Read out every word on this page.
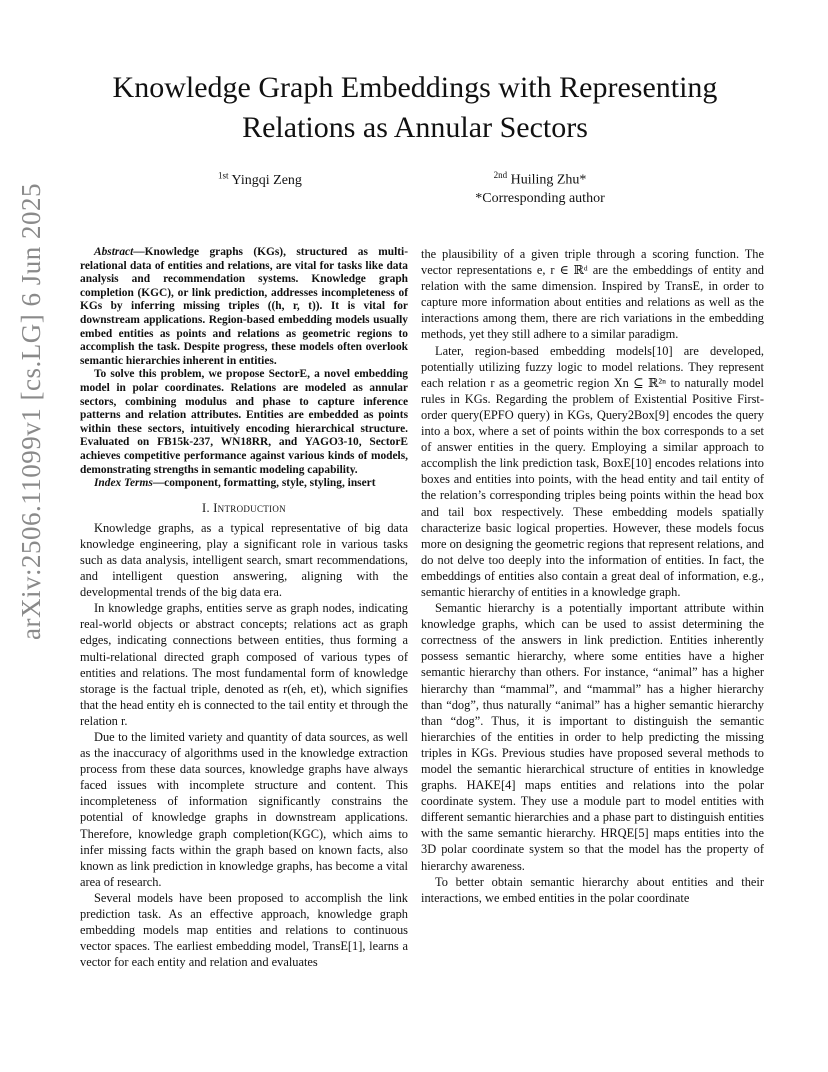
arXiv:2506.11099v1 [cs.LG] 6 Jun 2025
Knowledge Graph Embeddings with Representing Relations as Annular Sectors
$^{1st}$ Yingqi Zeng	$^{2nd}$ Huiling Zhu*
*Corresponding author

Abstract—Knowledge graphs (KGs), structured as multi-relational data of entities and relations, are vital for tasks like data analysis and recommendation systems. Knowledge graph completion (KGC), or link prediction, addresses incompleteness of KGs by inferring missing triples ((h, r, t)). It is vital for downstream applications. Region-based embedding models usually embed entities as points and relations as geometric regions to accomplish the task. Despite progress, these models often overlook semantic hierarchies inherent in entities.

To solve this problem, we propose SectorE, a novel embedding model in polar coordinates. Relations are modeled as annular sectors, combining modulus and phase to capture inference patterns and relation attributes. Entities are embedded as points within these sectors, intuitively encoding hierarchical structure. Evaluated on FB15k-237, WN18RR, and YAGO3-10, SectorE achieves competitive performance against various kinds of models, demonstrating strengths in semantic modeling capability.

Index Terms—component, formatting, style, styling, insert

I. Introduction

Knowledge graphs, as a typical representative of big data knowledge engineering, play a significant role in various tasks such as data analysis, intelligent search, smart recommendations, and intelligent question answering, aligning with the developmental trends of the big data era.

In knowledge graphs, entities serve as graph nodes, indicating real-world objects or abstract concepts; relations act as graph edges, indicating connections between entities, thus forming a multi-relational directed graph composed of various types of entities and relations. The most fundamental form of knowledge storage is the factual triple, denoted as r(eh, et), which signifies that the head entity eh is connected to the tail entity et through the relation r.

Due to the limited variety and quantity of data sources, as well as the inaccuracy of algorithms used in the knowledge extraction process from these data sources, knowledge graphs have always faced issues with incomplete structure and content. This incompleteness of information significantly constrains the potential of knowledge graphs in downstream applications. Therefore, knowledge graph completion(KGC), which aims to infer missing facts within the graph based on known facts, also known as link prediction in knowledge graphs, has become a vital area of research.

Several models have been proposed to accomplish the link prediction task. As an effective approach, knowledge graph embedding models map entities and relations to continuous vector spaces. The earliest embedding model, TransE[1], learns a vector for each entity and relation and evaluates

the plausibility of a given triple through a scoring function. The vector representations e, r ∈ ℝᵈ are the embeddings of entity and relation with the same dimension. Inspired by TransE, in order to capture more information about entities and relations as well as the interactions among them, there are rich variations in the embedding methods, yet they still adhere to a similar paradigm.

Later, region-based embedding models[10] are developed, potentially utilizing fuzzy logic to model relations. They represent each relation r as a geometric region Xn ⊆ ℝ²ⁿ to naturally model rules in KGs. Regarding the problem of Existential Positive First-order query(EPFO query) in KGs, Query2Box[9] encodes the query into a box, where a set of points within the box corresponds to a set of answer entities in the query. Employing a similar approach to accomplish the link prediction task, BoxE[10] encodes relations into boxes and entities into points, with the head entity and tail entity of the relation’s corresponding triples being points within the head box and tail box respectively. These embedding models spatially characterize basic logical properties. However, these models focus more on designing the geometric regions that represent relations, and do not delve too deeply into the information of entities. In fact, the embeddings of entities also contain a great deal of information, e.g., semantic hierarchy of entities in a knowledge graph.

Semantic hierarchy is a potentially important attribute within knowledge graphs, which can be used to assist determining the correctness of the answers in link prediction. Entities inherently possess semantic hierarchy, where some entities have a higher semantic hierarchy than others. For instance, “animal” has a higher hierarchy than “mammal”, and “mammal” has a higher hierarchy than “dog”, thus naturally “animal” has a higher semantic hierarchy than “dog”. Thus, it is important to distinguish the semantic hierarchies of the entities in order to help predicting the missing triples in KGs. Previous studies have proposed several methods to model the semantic hierarchical structure of entities in knowledge graphs. HAKE[4] maps entities and relations into the polar coordinate system. They use a module part to model entities with different semantic hierarchies and a phase part to distinguish entities with the same semantic hierarchy. HRQE[5] maps entities into the 3D polar coordinate system so that the model has the property of hierarchy awareness.

To better obtain semantic hierarchy about entities and their interactions, we embed entities in the polar coordinate
